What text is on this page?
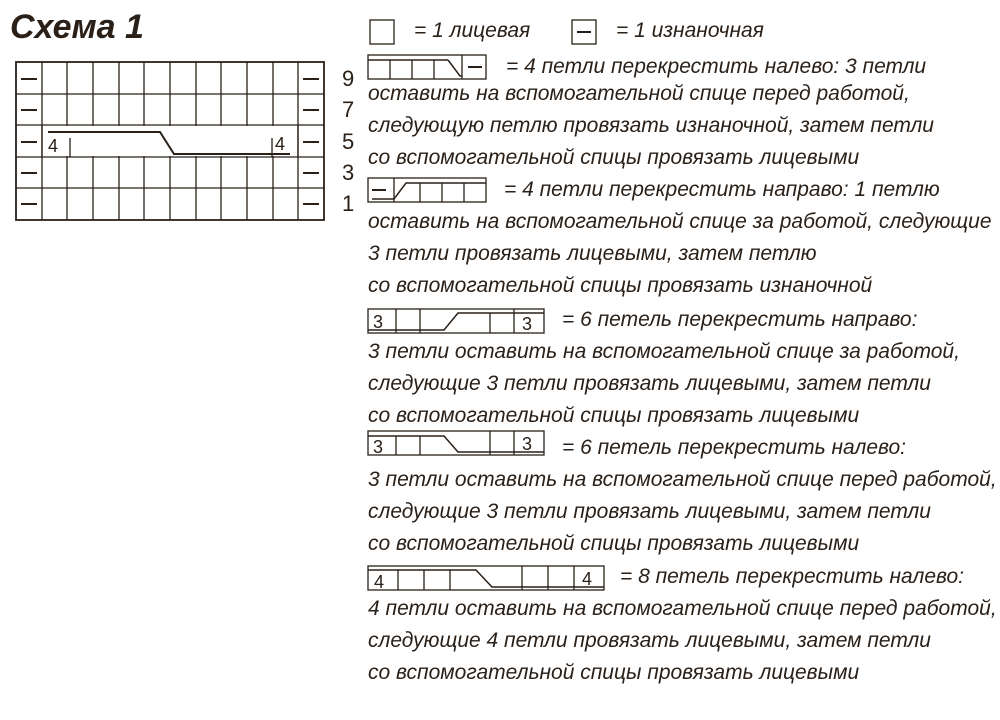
Схема 1
4	4
3	3
3	3
4	4
9
7
5
3
1
= 1 лицевая	= 1 изнаночная
= 4 петли перекрестить налево: 3 петли
оставить на вспомогательной спице перед работой,
следующую петлю провязать изнаночной, затем петли
со вспомогательной спицы провязать лицевыми
= 4 петли перекрестить направо: 1 петлю
оставить на вспомогательной спице за работой, следующие
3 петли провязать лицевыми, затем петлю
со вспомогательной спицы провязать изнаночной
= 6 петель перекрестить направо:
3 петли оставить на вспомогательной спице за работой,
следующие 3 петли провязать лицевыми, затем петли
со вспомогательной спицы провязать лицевыми
= 6 петель перекрестить налево:
3 петли оставить на вспомогательной спице перед работой,
следующие 3 петли провязать лицевыми, затем петли
со вспомогательной спицы провязать лицевыми
= 8 петель перекрестить налево:
4 петли оставить на вспомогательной спице перед работой,
следующие 4 петли провязать лицевыми, затем петли
со вспомогательной спицы провязать лицевыми
